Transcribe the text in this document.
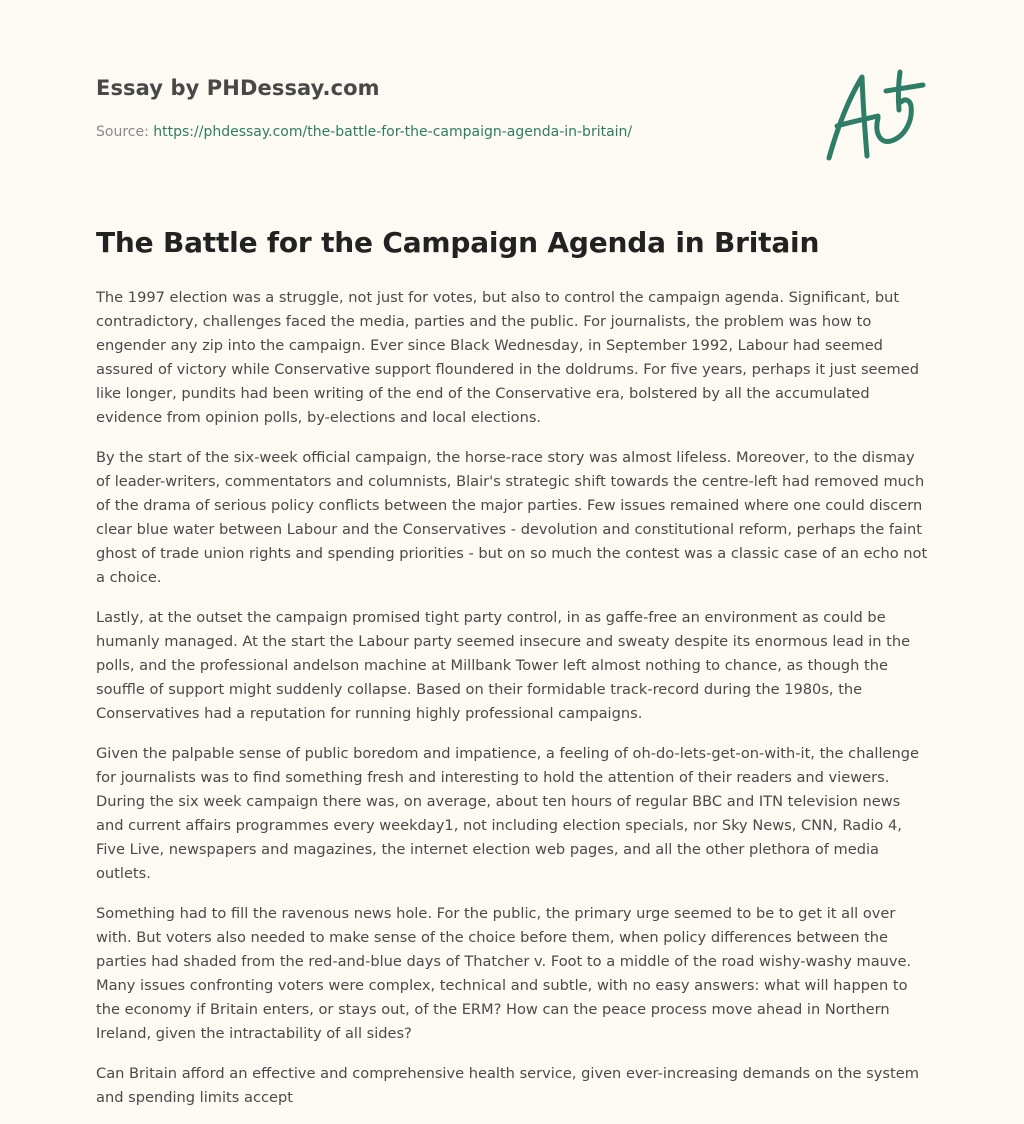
Essay by PHDessay.com

Source: https://phdessay.com/the-battle-for-the-campaign-agenda-in-britain/

The Battle for the Campaign Agenda in Britain

The 1997 election was a struggle, not just for votes, but also to control the campaign agenda. Significant, but contradictory, challenges faced the media, parties and the public. For journalists, the problem was how to engender any zip into the campaign. Ever since Black Wednesday, in September 1992, Labour had seemed assured of victory while Conservative support floundered in the doldrums. For five years, perhaps it just seemed like longer, pundits had been writing of the end of the Conservative era, bolstered by all the accumulated evidence from opinion polls, by-elections and local elections.

By the start of the six-week official campaign, the horse-race story was almost lifeless. Moreover, to the dismay of leader-writers, commentators and columnists, Blair's strategic shift towards the centre-left had removed much of the drama of serious policy conflicts between the major parties. Few issues remained where one could discern clear blue water between Labour and the Conservatives - devolution and constitutional reform, perhaps the faint ghost of trade union rights and spending priorities - but on so much the contest was a classic case of an echo not a choice.

Lastly, at the outset the campaign promised tight party control, in as gaffe-free an environment as could be humanly managed. At the start the Labour party seemed insecure and sweaty despite its enormous lead in the polls, and the professional andelson machine at Millbank Tower left almost nothing to chance, as though the souffle of support might suddenly collapse. Based on their formidable track-record during the 1980s, the Conservatives had a reputation for running highly professional campaigns.

Given the palpable sense of public boredom and impatience, a feeling of oh-do-lets-get-on-with-it, the challenge for journalists was to find something fresh and interesting to hold the attention of their readers and viewers. During the six week campaign there was, on average, about ten hours of regular BBC and ITN television news and current affairs programmes every weekday1, not including election specials, nor Sky News, CNN, Radio 4, Five Live, newspapers and magazines, the internet election web pages, and all the other plethora of media outlets.

Something had to fill the ravenous news hole. For the public, the primary urge seemed to be to get it all over with. But voters also needed to make sense of the choice before them, when policy differences between the parties had shaded from the red-and-blue days of Thatcher v. Foot to a middle of the road wishy-washy mauve. Many issues confronting voters were complex, technical and subtle, with no easy answers: what will happen to the economy if Britain enters, or stays out, of the ERM? How can the peace process move ahead in Northern Ireland, given the intractability of all sides?

Can Britain afford an effective and comprehensive health service, given ever-increasing demands on the system and spending limits accept
